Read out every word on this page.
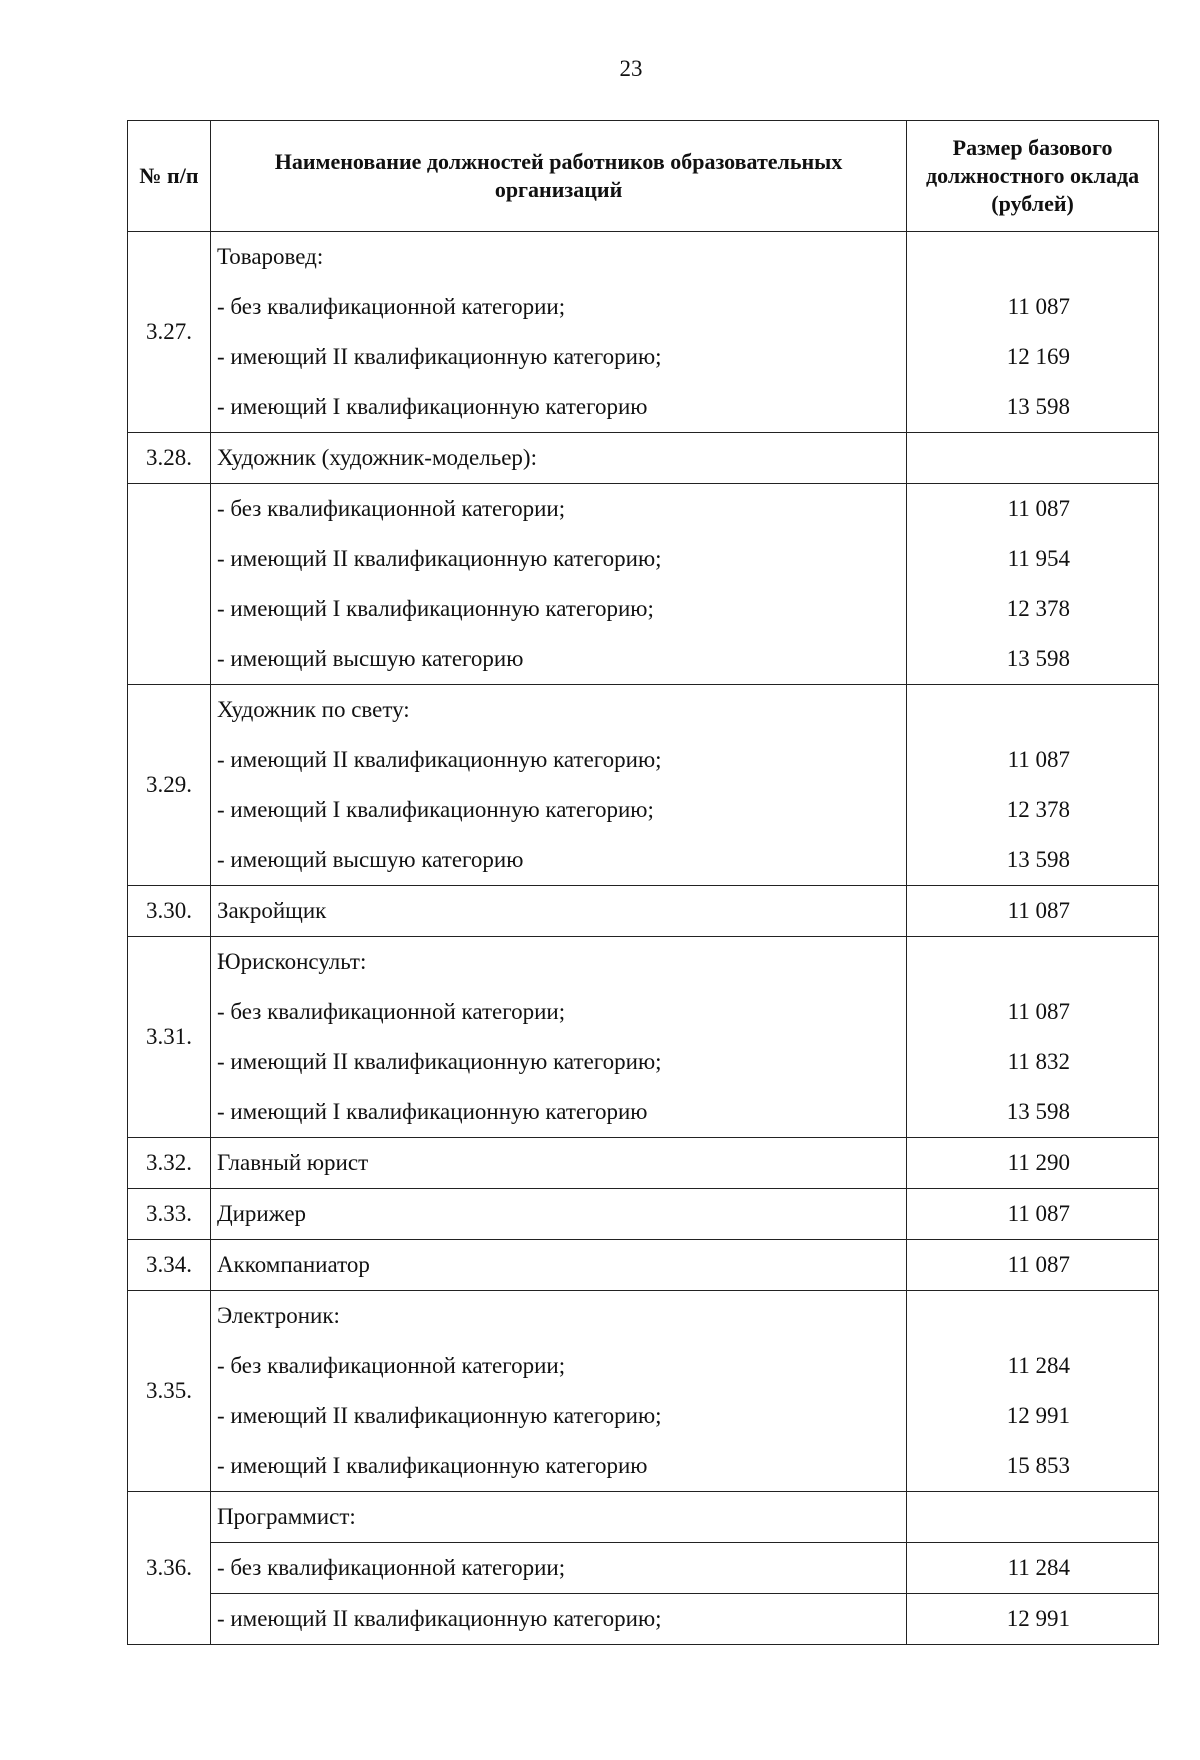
23
№ п/п	Наименование должностей работников образовательных организаций	Размер базового должностного оклада (рублей)
3.27.	Товаровед:	
	- без квалификационной категории;	11 087
	- имеющий II квалификационную категорию;	12 169
	- имеющий I квалификационную категорию	13 598
3.28.	Художник (художник-модельер):	
	- без квалификационной категории;	11 087
	- имеющий II квалификационную категорию;	11 954
	- имеющий I квалификационную категорию;	12 378
	- имеющий высшую категорию	13 598
3.29.	Художник по свету:	
	- имеющий II квалификационную категорию;	11 087
	- имеющий I квалификационную категорию;	12 378
	- имеющий высшую категорию	13 598
3.30.	Закройщик	11 087
3.31.	Юрисконсульт:	
	- без квалификационной категории;	11 087
	- имеющий II квалификационную категорию;	11 832
	- имеющий I квалификационную категорию	13 598
3.32.	Главный юрист	11 290
3.33.	Дирижер	11 087
3.34.	Аккомпаниатор	11 087
3.35.	Электроник:	
	- без квалификационной категории;	11 284
	- имеющий II квалификационную категорию;	12 991
	- имеющий I квалификационную категорию	15 853
3.36.	Программист:	
	- без квалификационной категории;	11 284
	- имеющий II квалификационную категорию;	12 991
